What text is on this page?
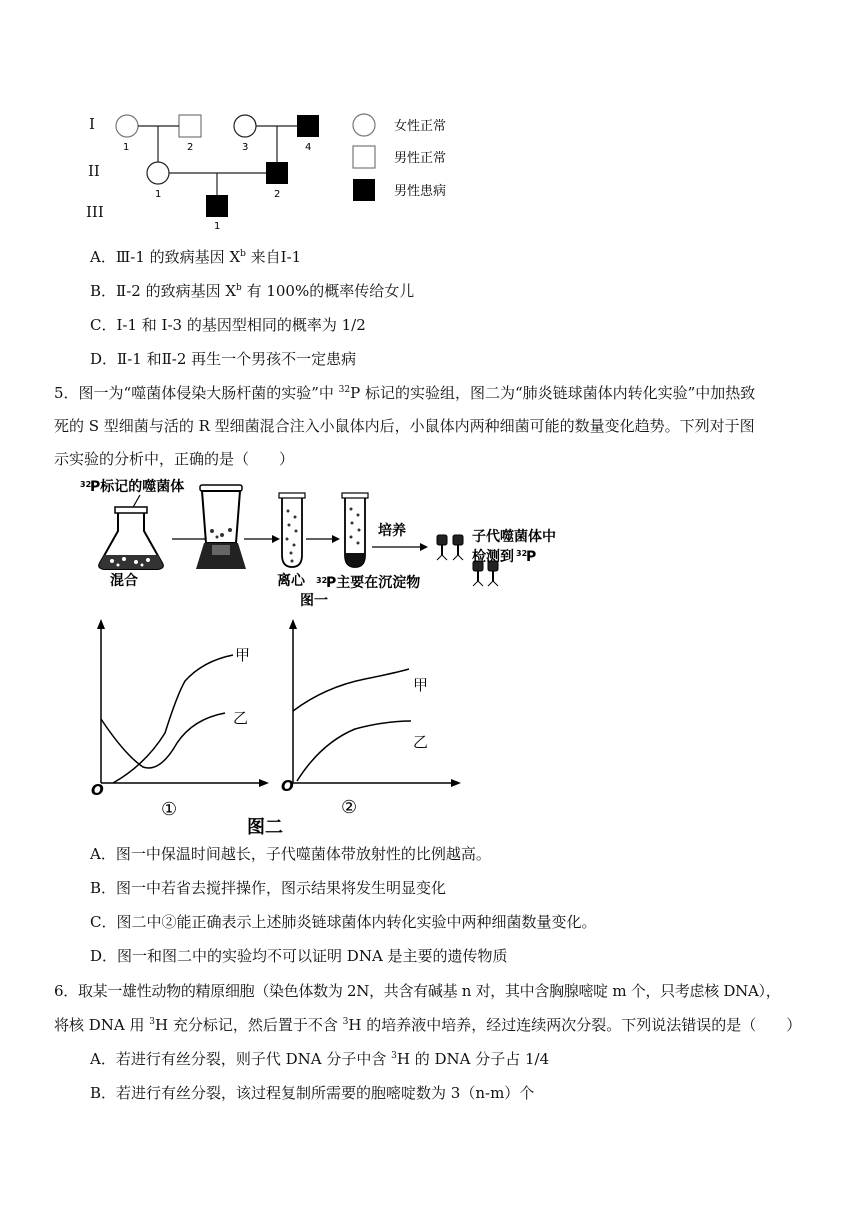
1	2	3	4
1	2
1
女性正常
男性正常
男性患病
I
II
III
A．Ⅲ-1 的致病基因 $X^b$ 来自Ⅰ-1
B．Ⅱ-2 的致病基因 $X^b$ 有 100%的概率传给女儿
C．I-1 和 I-3 的基因型相同的概率为 1/2
D．Ⅱ-1 和Ⅱ-2 再生一个男孩不一定患病
5．图一为“噬菌体侵染大肠杆菌的实验”中 $^{32}$P 标记的实验组，图二为“肺炎链球菌体内转化实验”中加热致
死的 S 型细菌与活的 R 型细菌混合注入小鼠体内后，小鼠体内两种细菌可能的数量变化趋势。下列对于图
示实验的分析中，正确的是（　　）
32
P标记的噬菌体
混合	离心 32
P主要在沉淀物
培养	子代噬菌体中
检测到 32
P
图一
甲
乙
O
①
甲
乙
O
②
图二
A．图一中保温时间越长，子代噬菌体带放射性的比例越高。
B．图一中若省去搅拌操作，图示结果将发生明显变化
C．图二中②能正确表示上述肺炎链球菌体内转化实验中两种细菌数量变化。
D．图一和图二中的实验均不可以证明 DNA 是主要的遗传物质
6．取某一雄性动物的精原细胞（染色体数为 2N，共含有碱基 n 对，其中含胸腺嘧啶 m 个，只考虑核 DNA），
将核 DNA 用 $^3$H 充分标记，然后置于不含 $^3$H 的培养液中培养，经过连续两次分裂。下列说法错误的是（　　）
A．若进行有丝分裂，则子代 DNA 分子中含 $^3$H 的 DNA 分子占 1/4
B．若进行有丝分裂，该过程复制所需要的胞嘧啶数为 3（n-m）个
